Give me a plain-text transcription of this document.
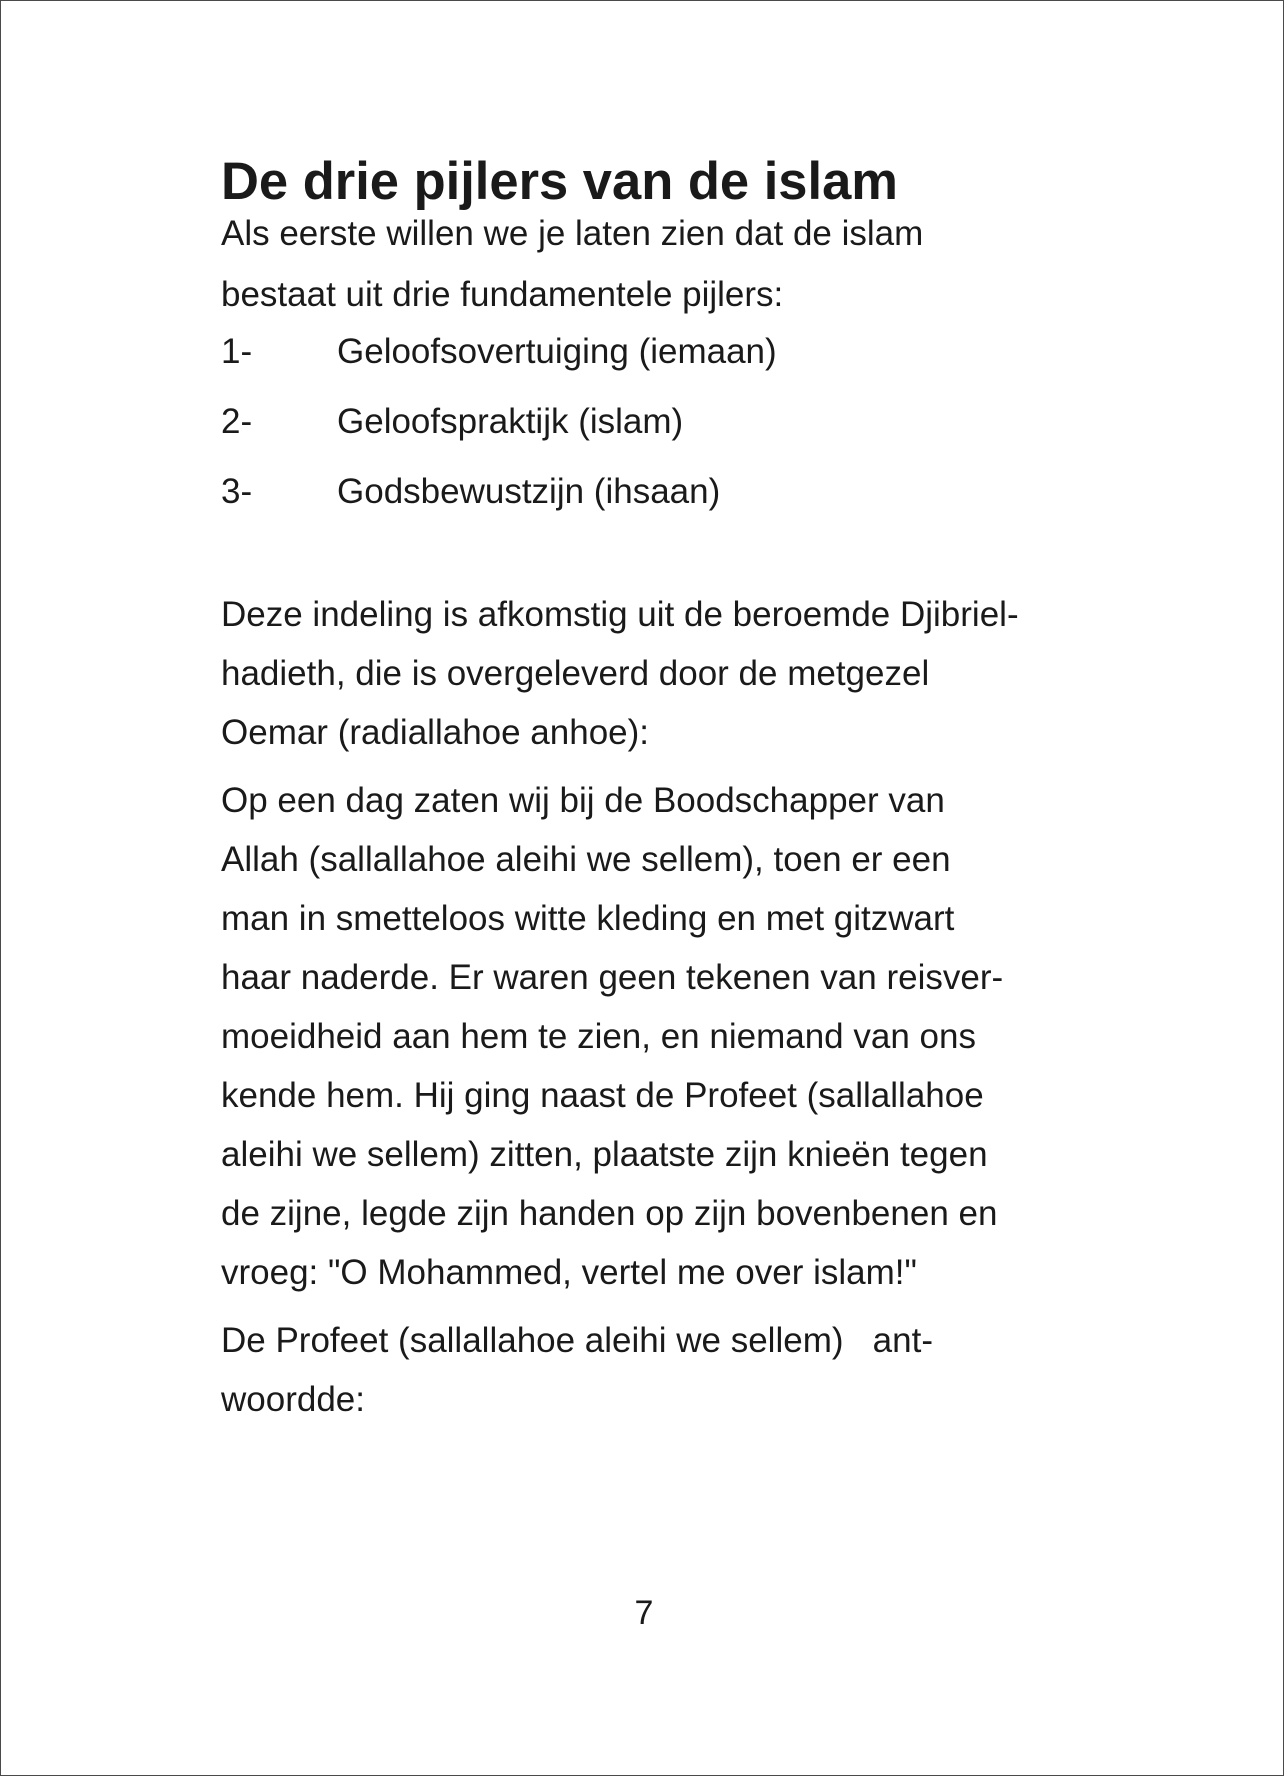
De drie pijlers van de islam
Als eerste willen we je laten zien dat de islam
bestaat uit drie fundamentele pijlers:
1-	Geloofsovertuiging (iemaan)
2-	Geloofspraktijk (islam)
3-	Godsbewustzijn (ihsaan)
Deze indeling is afkomstig uit de beroemde Djibriel-
hadieth, die is overgeleverd door de metgezel
Oemar (radiallahoe anhoe):
Op een dag zaten wij bij de Boodschapper van
Allah (sallallahoe aleihi we sellem), toen er een
man in smetteloos witte kleding en met gitzwart
haar naderde. Er waren geen tekenen van reisver-
moeidheid aan hem te zien, en niemand van ons
kende hem. Hij ging naast de Profeet (sallallahoe
aleihi we sellem) zitten, plaatste zijn knieën tegen
de zijne, legde zijn handen op zijn bovenbenen en
vroeg: "O Mohammed, vertel me over islam!"
De Profeet (sallallahoe aleihi we sellem)   ant-
woordde:
7
